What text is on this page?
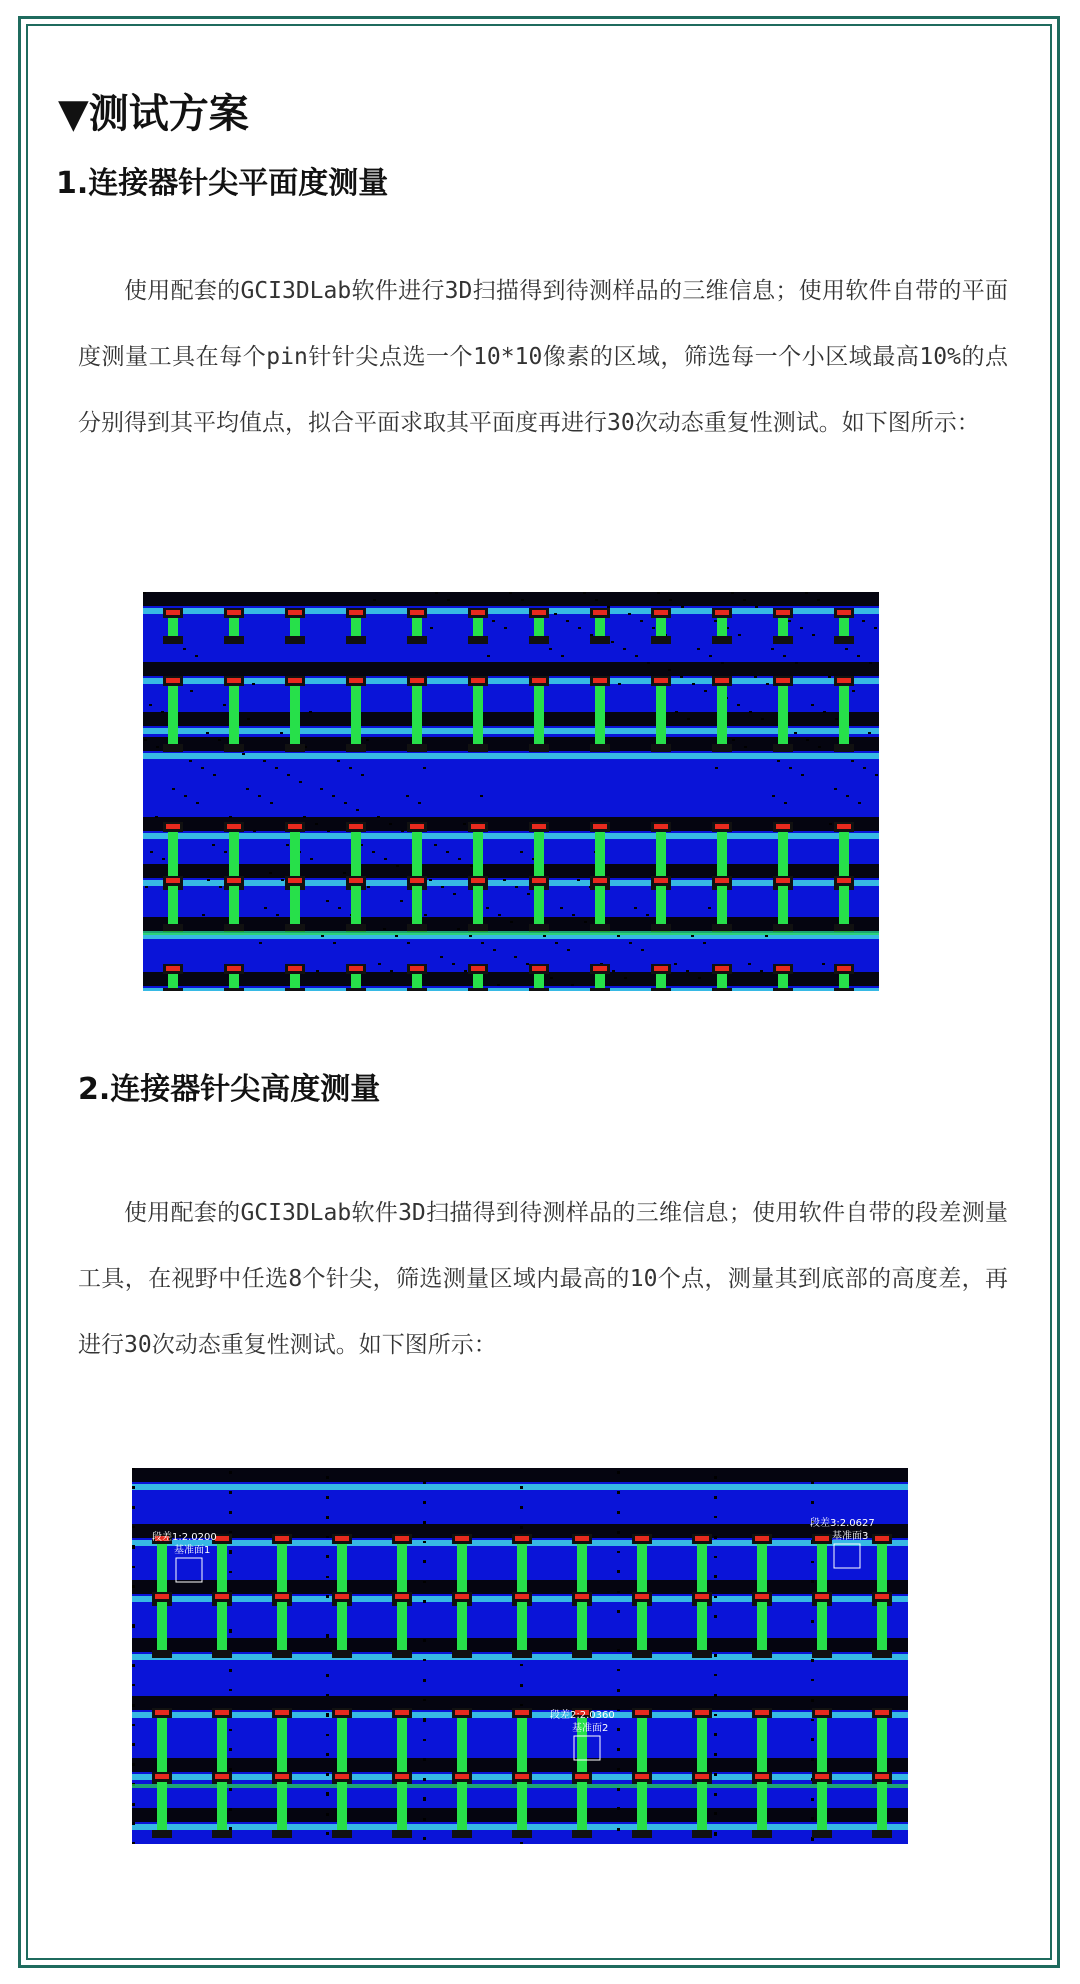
▼测试方案
1.连接器针尖平面度测量

使用配套的GCI3DLab软件进行3D扫描得到待测样品的三维信息；使用软件自带的平面度测量工具在每个pin针针尖点选一个10*10像素的区域，筛选每一个小区域最高10%的点分别得到其平均值点，拟合平面求取其平面度再进行30次动态重复性测试。如下图所示：

2.连接器针尖高度测量

使用配套的GCI3DLab软件3D扫描得到待测样品的三维信息；使用软件自带的段差测量工具，在视野中任选8个针尖，筛选测量区域内最高的10个点，测量其到底部的高度差，再进行30次动态重复性测试。如下图所示：

段差1:2.0200
基准面1
段差3:2.0627
基准面3
段差2:2.0360
基准面2
